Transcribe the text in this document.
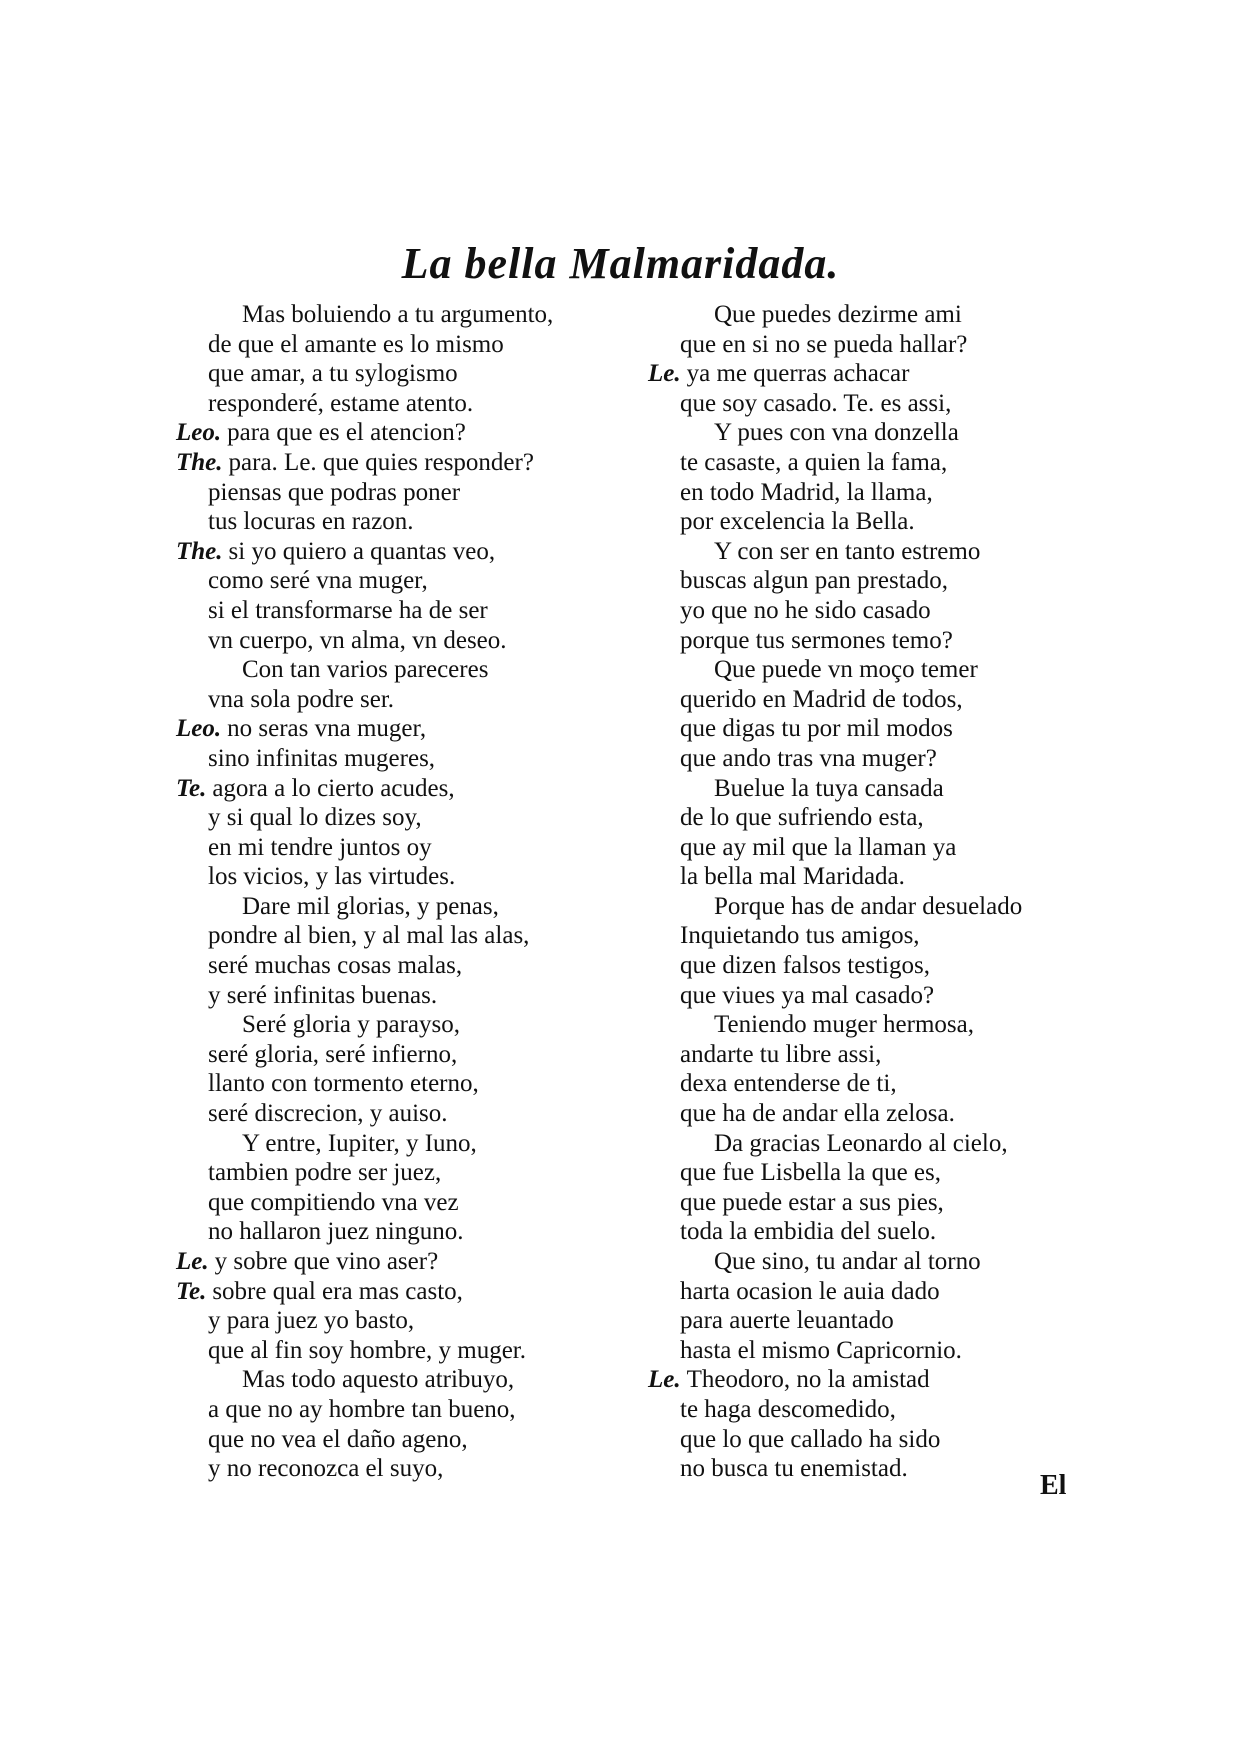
La bella Malmaridada.
Mas boluiendo a tu argumento,
de que el amante es lo mismo
que amar, a tu sylogismo
responderé, estame atento.
Leo. para que es el atencion?
The. para. Le. que quies responder?
piensas que podras poner
tus locuras en razon.
The. si yo quiero a quantas veo,
como seré vna muger,
si el transformarse ha de ser
vn cuerpo, vn alma, vn deseo.
Con tan varios pareceres
vna sola podre ser.
Leo. no seras vna muger,
sino infinitas mugeres,
Te. agora a lo cierto acudes,
y si qual lo dizes soy,
en mi tendre juntos oy
los vicios, y las virtudes.
Dare mil glorias, y penas,
pondre al bien, y al mal las alas,
seré muchas cosas malas,
y seré infinitas buenas.
Seré gloria y parayso,
seré gloria, seré infierno,
llanto con tormento eterno,
seré discrecion, y auiso.
Y entre, Iupiter, y Iuno,
tambien podre ser juez,
que compitiendo vna vez
no hallaron juez ninguno.
Le. y sobre que vino aser?
Te. sobre qual era mas casto,
y para juez yo basto,
que al fin soy hombre, y muger.
Mas todo aquesto atribuyo,
a que no ay hombre tan bueno,
que no vea el daño ageno,
y no reconozca el suyo,
Que puedes dezirme ami
que en si no se pueda hallar?
Le. ya me querras achacar
que soy casado. Te. es assi,
Y pues con vna donzella
te casaste, a quien la fama,
en todo Madrid, la llama,
por excelencia la Bella.
Y con ser en tanto estremo
buscas algun pan prestado,
yo que no he sido casado
porque tus sermones temo?
Que puede vn moço temer
querido en Madrid de todos,
que digas tu por mil modos
que ando tras vna muger?
Buelue la tuya cansada
de lo que sufriendo esta,
que ay mil que la llaman ya
la bella mal Maridada.
Porque has de andar desuelado
Inquietando tus amigos,
que dizen falsos testigos,
que viues ya mal casado?
Teniendo muger hermosa,
andarte tu libre assi,
dexa entenderse de ti,
que ha de andar ella zelosa.
Da gracias Leonardo al cielo,
que fue Lisbella la que es,
que puede estar a sus pies,
toda la embidia del suelo.
Que sino, tu andar al torno
harta ocasion le auia dado
para auerte leuantado
hasta el mismo Capricornio.
Le. Theodoro, no la amistad
te haga descomedido,
que lo que callado ha sido
no busca tu enemistad.
El
